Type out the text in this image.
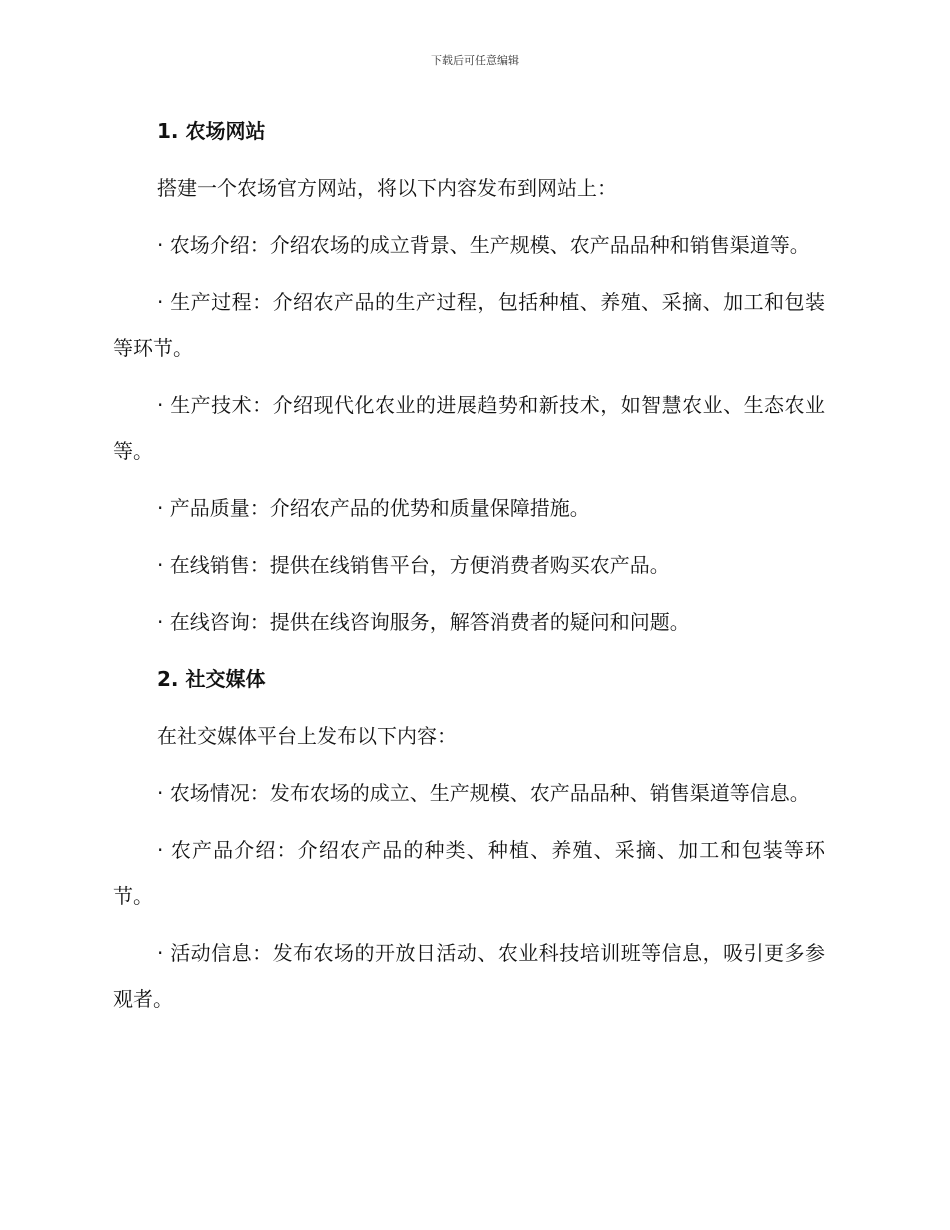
下载后可任意编辑
1. 农场网站

搭建一个农场官方网站，将以下内容发布到网站上：

· 农场介绍：介绍农场的成立背景、生产规模、农产品品种和销售渠道等。

· 生产过程：介绍农产品的生产过程，包括种植、养殖、采摘、加工和包装等环节。

· 生产技术：介绍现代化农业的进展趋势和新技术，如智慧农业、生态农业等。

· 产品质量：介绍农产品的优势和质量保障措施。

· 在线销售：提供在线销售平台，方便消费者购买农产品。

· 在线咨询：提供在线咨询服务，解答消费者的疑问和问题。

2. 社交媒体

在社交媒体平台上发布以下内容：

· 农场情况：发布农场的成立、生产规模、农产品品种、销售渠道等信息。

· 农产品介绍：介绍农产品的种类、种植、养殖、采摘、加工和包装等环节。

· 活动信息：发布农场的开放日活动、农业科技培训班等信息，吸引更多参观者。
